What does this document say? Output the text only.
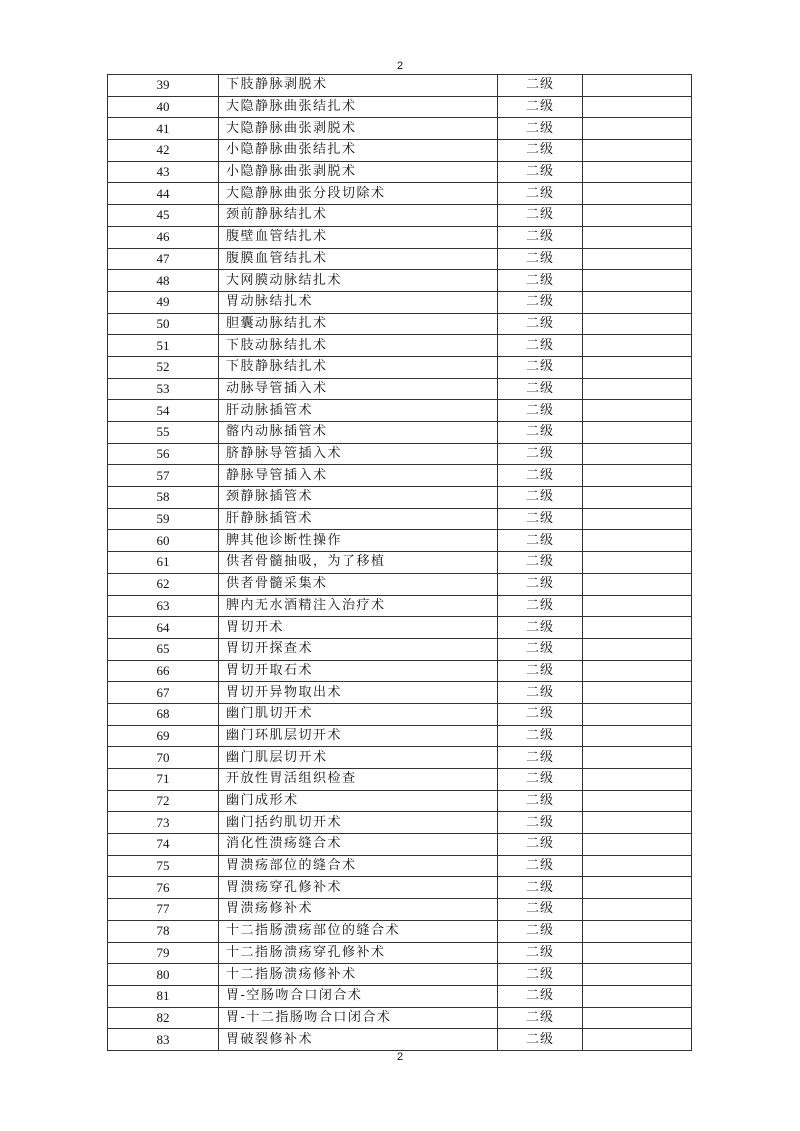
2
39	下肢静脉剥脱术	二级	
40	大隐静脉曲张结扎术	二级	
41	大隐静脉曲张剥脱术	二级	
42	小隐静脉曲张结扎术	二级	
43	小隐静脉曲张剥脱术	二级	
44	大隐静脉曲张分段切除术	二级	
45	颈前静脉结扎术	二级	
46	腹壁血管结扎术	二级	
47	腹膜血管结扎术	二级	
48	大网膜动脉结扎术	二级	
49	胃动脉结扎术	二级	
50	胆囊动脉结扎术	二级	
51	下肢动脉结扎术	二级	
52	下肢静脉结扎术	二级	
53	动脉导管插入术	二级	
54	肝动脉插管术	二级	
55	髂内动脉插管术	二级	
56	脐静脉导管插入术	二级	
57	静脉导管插入术	二级	
58	颈静脉插管术	二级	
59	肝静脉插管术	二级	
60	脾其他诊断性操作	二级	
61	供者骨髓抽吸，为了移植	二级	
62	供者骨髓采集术	二级	
63	脾内无水酒精注入治疗术	二级	
64	胃切开术	二级	
65	胃切开探查术	二级	
66	胃切开取石术	二级	
67	胃切开异物取出术	二级	
68	幽门肌切开术	二级	
69	幽门环肌层切开术	二级	
70	幽门肌层切开术	二级	
71	开放性胃活组织检查	二级	
72	幽门成形术	二级	
73	幽门括约肌切开术	二级	
74	消化性溃疡缝合术	二级	
75	胃溃疡部位的缝合术	二级	
76	胃溃疡穿孔修补术	二级	
77	胃溃疡修补术	二级	
78	十二指肠溃疡部位的缝合术	二级	
79	十二指肠溃疡穿孔修补术	二级	
80	十二指肠溃疡修补术	二级	
81	胃-空肠吻合口闭合术	二级	
82	胃-十二指肠吻合口闭合术	二级	
83	胃破裂修补术	二级	
2
